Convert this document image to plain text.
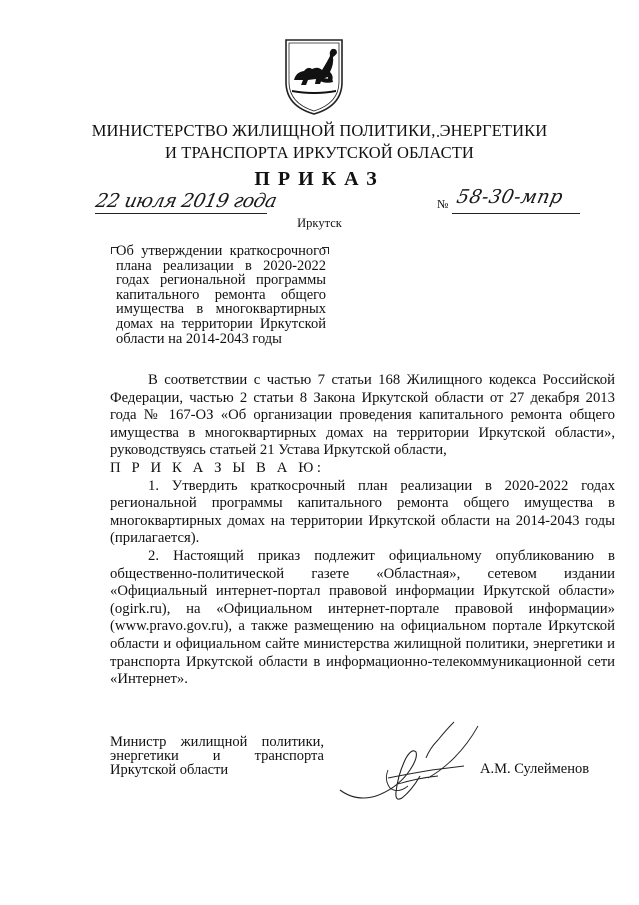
МИНИСТЕРСТВО ЖИЛИЩНОЙ ПОЛИТИКИ, ЭНЕРГЕТИКИ
И ТРАНСПОРТА ИРКУТСКОЙ ОБЛАСТИ
ПРИКАЗ
22 июля 2019 года	№ 58-30-мпр
Иркутск
Об утверждении краткосрочного плана реализации в 2020-2022 годах региональной программы капитального ремонта общего имущества в многоквартирных домах на территории Иркутской области на 2014-2043 годы

В соответствии с частью 7 статьи 168 Жилищного кодекса Российской Федерации, частью 2 статьи 8 Закона Иркутской области от 27 декабря 2013 года № 167-ОЗ «Об организации проведения капитального ремонта общего имущества в многоквартирных домах на территории Иркутской области», руководствуясь статьей 21 Устава Иркутской области,

П Р И К А З Ы В А Ю:

1. Утвердить краткосрочный план реализации в 2020-2022 годах региональной программы капитального ремонта общего имущества в многоквартирных домах на территории Иркутской области на 2014-2043 годы (прилагается).

2. Настоящий приказ подлежит официальному опубликованию в общественно-политической газете «Областная», сетевом издании «Официальный интернет-портал правовой информации Иркутской области» (ogirk.ru), на «Официальном интернет-портале правовой информации» (www.pravo.gov.ru), а также размещению на официальном портале Иркутской области и официальном сайте министерства жилищной политики, энергетики и транспорта Иркутской области в информационно-телекоммуникационной сети «Интернет».

Министр жилищной политики, энергетики и транспорта Иркутской области	А.М. Сулейменов
